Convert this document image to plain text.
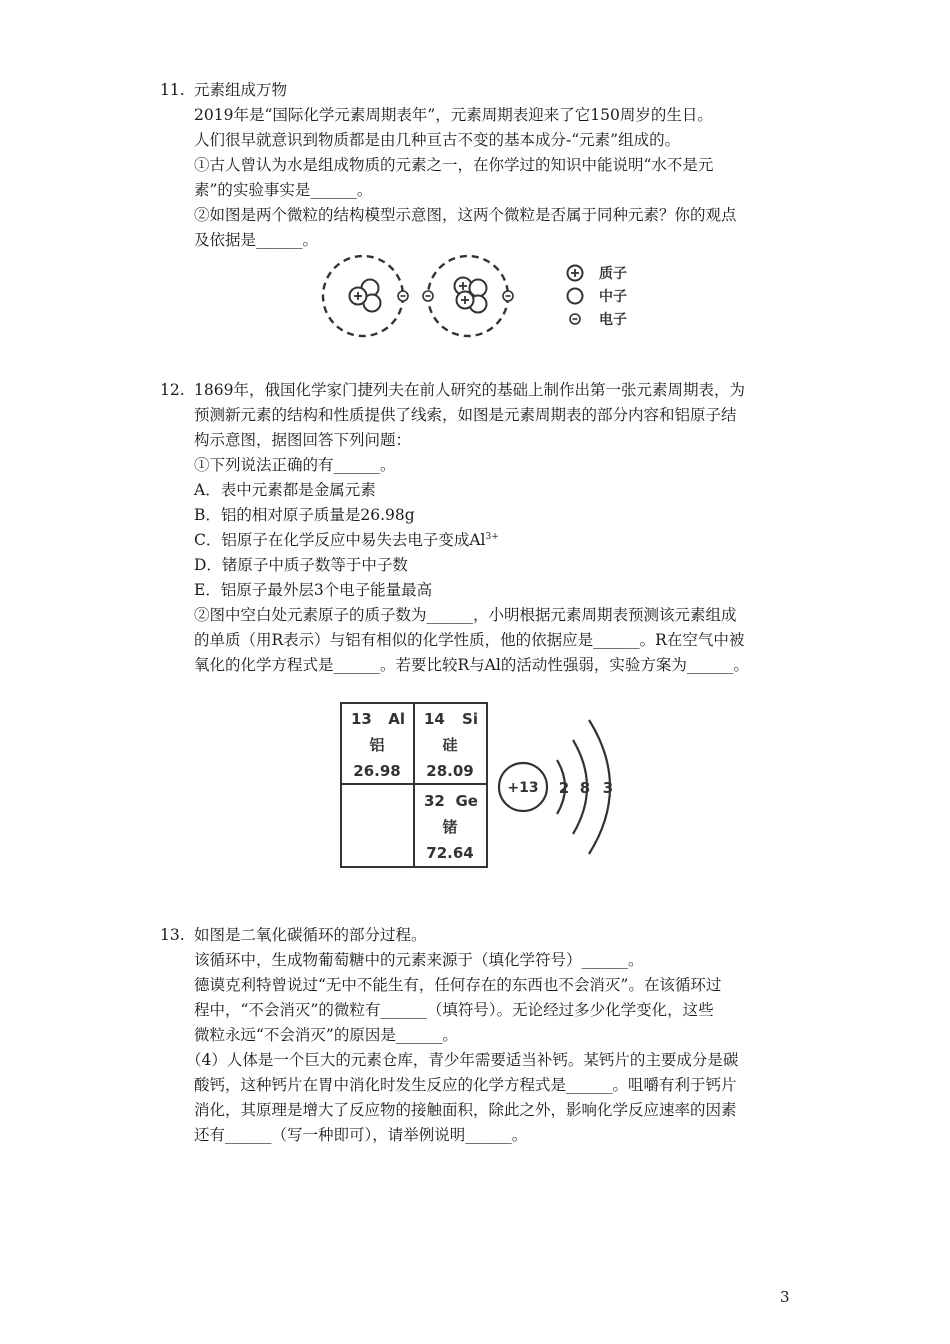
11. 元素组成万物
2019年是“国际化学元素周期表年”，元素周期表迎来了它150周岁的生日。
人们很早就意识到物质都是由几种亘古不变的基本成分-“元素”组成的。
①古人曾认为水是组成物质的元素之一，在你学过的知识中能说明“水不是元
素”的实验事实是______。
②如图是两个微粒的结构模型示意图，这两个微粒是否属于同种元素？你的观点
及依据是______。
质子
中子
电子
12. 1869年，俄国化学家门捷列夫在前人研究的基础上制作出第一张元素周期表，为
预测新元素的结构和性质提供了线索，如图是元素周期表的部分内容和铝原子结
构示意图，据图回答下列问题：
①下列说法正确的有______。
A．表中元素都是金属元素
B．铝的相对原子质量是26.98g
C．铝原子在化学反应中易失去电子变成$Al^{3+}$
D．锗原子中质子数等于中子数
E．铝原子最外层3个电子能量最高
②图中空白处元素原子的质子数为______，小明根据元素周期表预测该元素组成
的单质（用R表示）与铝有相似的化学性质，他的依据应是______。R在空气中被
氧化的化学方程式是______。若要比较R与Al的活动性强弱，实验方案为______。
13 Al
铝
26.98
14 Si
硅
28.09
32 Ge
锗
72.64
+13 2 8 3
13. 如图是二氧化碳循环的部分过程。
该循环中，生成物葡萄糖中的元素来源于（填化学符号）______。
德谟克利特曾说过“无中不能生有，任何存在的东西也不会消灭”。在该循环过
程中，“不会消灭”的微粒有______（填符号）。无论经过多少化学变化，这些
微粒永远“不会消灭”的原因是______。
（4）人体是一个巨大的元素仓库，青少年需要适当补钙。某钙片的主要成分是碳
酸钙，这种钙片在胃中消化时发生反应的化学方程式是______。咀嚼有利于钙片
消化，其原理是增大了反应物的接触面积，除此之外，影响化学反应速率的因素
还有______（写一种即可），请举例说明______。
3
